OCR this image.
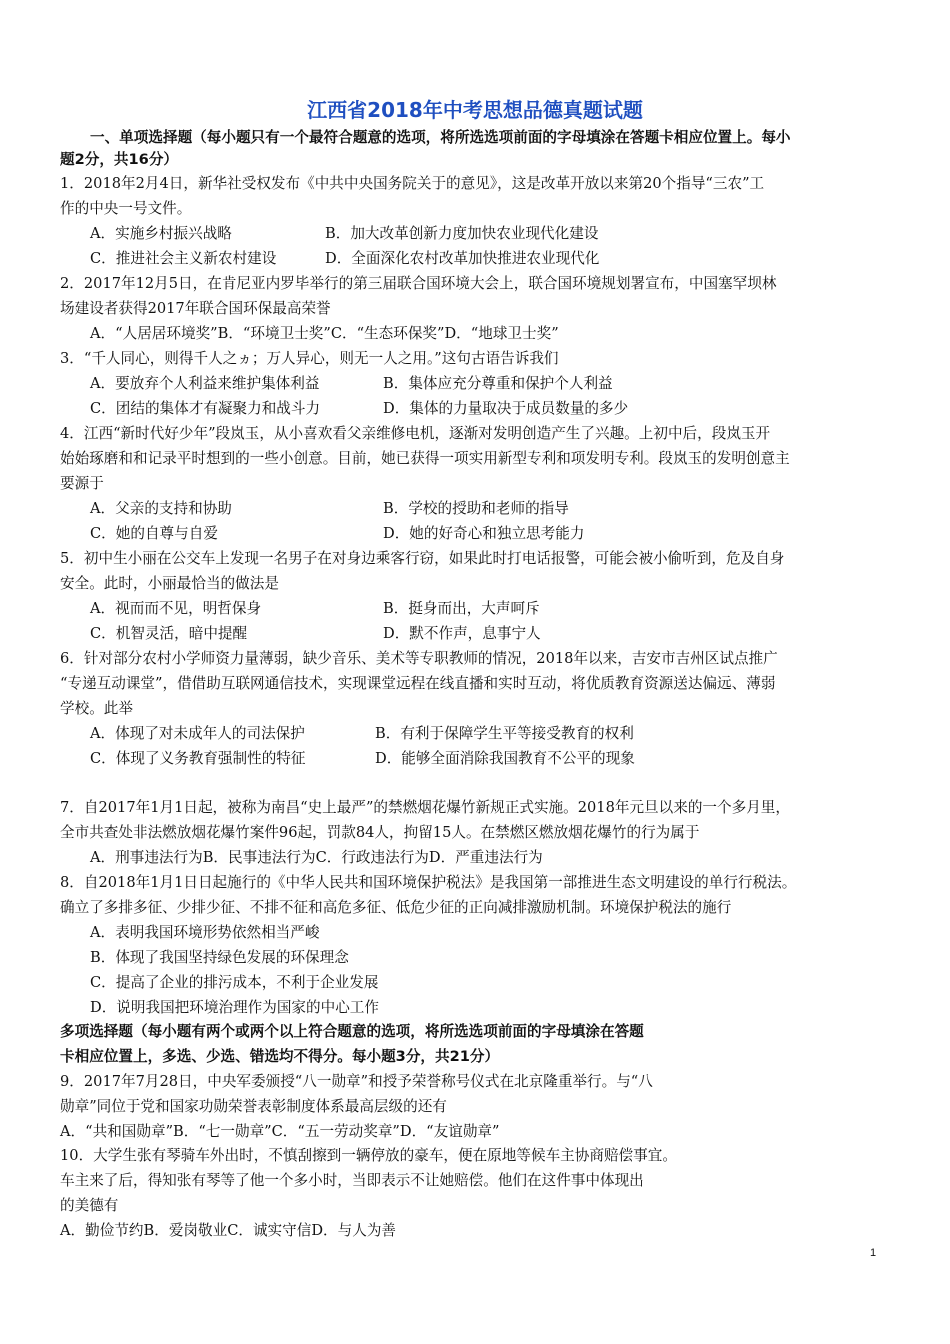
江西省2018年中考思想品德真题试题
一、单项选择题（每小题只有一个最符合题意的选项，将所选选项前面的字母填涂在答题卡相应位置上。每小
题2分，共16分）
1．2018年2月4日，新华社受权发布《中共中央国务院关于的意见》，这是改革开放以来第20个指导“三农”工
作的中央一号文件。
A．实施乡村振兴战略	B．加大改革创新力度加快农业现代化建设
C．推进社会主义新农村建设	D．全面深化农村改革加快推进农业现代化
2．2017年12月5日，在肯尼亚内罗毕举行的第三届联合国环境大会上，联合国环境规划署宣布，中国塞罕坝林
场建设者获得2017年联合国环保最高荣誉
A．“人居居环境奖”B．“环境卫士奖”C．“生态环保奖”D．“地球卫士奖”
3．“千人同心，则得千人之ヵ；万人异心，则无一人之用。”这句古语告诉我们
A．要放弃个人利益来维护集体利益	B．集体应充分尊重和保护个人利益
C．团结的集体才有凝聚力和战斗力	D．集体的力量取决于成员数量的多少
4．江西“新时代好少年”段岚玉，从小喜欢看父亲维修电机，逐渐对发明创造产生了兴趣。上初中后，段岚玉开
始始琢磨和和记录平时想到的一些小创意。目前，她已获得一项实用新型专利和项发明专利。段岚玉的发明创意主
要源于
A．父亲的支持和协助	B．学校的授助和老师的指导
C．她的自尊与自爱	D．她的好奇心和独立思考能力
5．初中生小丽在公交车上发现一名男子在对身边乘客行窃，如果此时打电话报警，可能会被小偷听到，危及自身
安全。此时，小丽最恰当的做法是
A．视而而不见，明哲保身	B．挺身而出，大声呵斥
C．机智灵活，暗中提醒	D．默不作声，息事宁人
6．针对部分农村小学师资力量薄弱，缺少音乐、美术等专职教师的情况，2018年以来，吉安市吉州区试点推广
“专递互动课堂”，借借助互联网通信技术，实现课堂远程在线直播和实时互动，将优质教育资源送达偏远、薄弱
学校。此举
A．体现了对未成年人的司法保护	B．有利于保障学生平等接受教育的权利
C．体现了义务教育强制性的特征	D．能够全面消除我国教育不公平的现象
7．自2017年1月1日起，被称为南昌“史上最严”的禁燃烟花爆竹新规正式实施。2018年元旦以来的一个多月里，
全市共查处非法燃放烟花爆竹案件96起，罚款84人，拘留15人。在禁燃区燃放烟花爆竹的行为属于
A．刑事违法行为B．民事违法行为C．行政违法行为D．严重违法行为
8．自2018年1月1日日起施行的《中华人民共和国环境保护税法》是我国第一部推进生态文明建设的单行行税法。
确立了多排多征、少排少征、不排不征和高危多征、低危少征的正向减排激励机制。环境保护税法的施行
A．表明我国环境形势依然相当严峻
B．体现了我国坚持绿色发展的环保理念
C．提高了企业的排污成本，不利于企业发展
D．说明我国把环境治理作为国家的中心工作
多项选择题（每小题有两个或两个以上符合题意的选项，将所选选项前面的字母填涂在答题
卡相应位置上，多选、少选、错选均不得分。每小题3分，共21分）
9．2017年7月28日，中央军委颁授“八一勋章”和授予荣誉称号仪式在北京隆重举行。与“八
勋章”同位于党和国家功勋荣誉表彰制度体系最高层级的还有
A．“共和国勋章”B．“七一勋章”C．“五一劳动奖章”D．“友谊勋章”
10．大学生张有琴骑车外出时，不慎刮擦到一辆停放的豪车，便在原地等候车主协商赔偿事宜。
车主来了后，得知张有琴等了他一个多小时，当即表示不让她赔偿。他们在这件事中体现出
的美德有
A．勤俭节约B．爱岗敬业C．诚实守信D．与人为善
1
